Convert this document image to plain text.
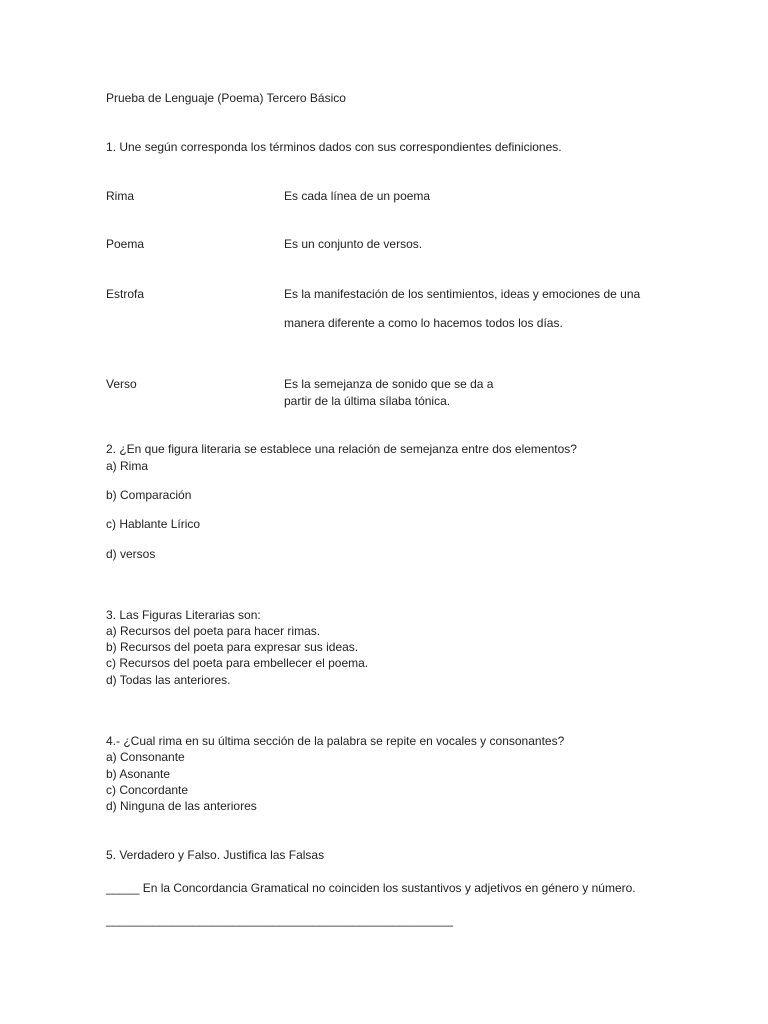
Prueba de Lenguaje (Poema) Tercero Básico
1. Une según corresponda los términos dados con sus correspondientes definiciones.
Rima	Es cada línea de un poema
Poema	Es un conjunto de versos.
Estrofa	Es la manifestación de los sentimientos, ideas y emociones de una
manera diferente a como lo hacemos todos los días.
Verso	Es la semejanza de sonido que se da a
partir de la última sílaba tónica.
2. ¿En que figura literaria se establece una relación de semejanza entre dos elementos?
a) Rima
b) Comparación
c) Hablante Lírico
d) versos
3. Las Figuras Literarias son:
a) Recursos del poeta para hacer rimas.
b) Recursos del poeta para expresar sus ideas.
c) Recursos del poeta para embellecer el poema.
d) Todas las anteriores.
4.- ¿Cual rima en su última sección de la palabra se repite en vocales y consonantes?
a) Consonante
b) Asonante
c) Concordante
d) Ninguna de las anteriores
5. Verdadero y Falso. Justifica las Falsas
_____ En la Concordancia Gramatical no coinciden los sustantivos y adjetivos en género y número.
____________________________________________________
